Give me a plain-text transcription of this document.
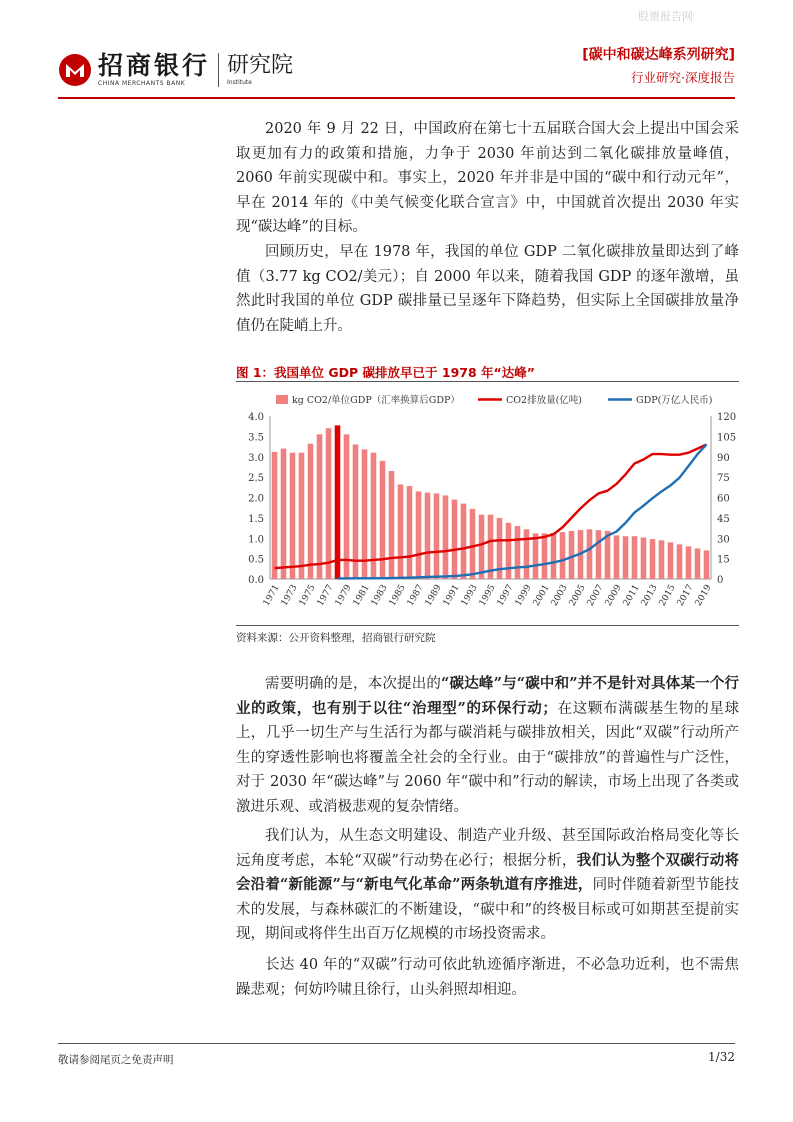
股票报告网
招商银行
CHINA MERCHANTS BANK
研究院
Institute
[碳中和碳达峰系列研究]
行业研究·深度报告
2020 年 9 月 22 日，中国政府在第七十五届联合国大会上提出中国会采取更加有力的政策和措施，力争于 2030 年前达到二氧化碳排放量峰值，2060 年前实现碳中和。事实上，2020 年并非是中国的“碳中和行动元年”，早在 2014 年的《中美气候变化联合宣言》中，中国就首次提出 2030 年实现“碳达峰”的目标。
回顾历史，早在 1978 年，我国的单位 GDP 二氧化碳排放量即达到了峰值（3.77 kg CO2/美元）；自 2000 年以来，随着我国 GDP 的逐年激增，虽然此时我国的单位 GDP 碳排量已呈逐年下降趋势，但实际上全国碳排放量净值仍在陡峭上升。
图 1：我国单位 GDP 碳排放早已于 1978 年“达峰”
0.0
0.5
1.0
1.5
2.0
2.5
3.0
3.5
4.0
0
15
30
45
60
75
90
105
120
1971
1973
1975
1977
1979
1981
1983
1985
1987
1989
1991
1993
1995
1997
1999
2001
2003
2005
2007
2009
2011
2013
2015
2017
2019
kg CO2/单位GDP（汇率换算后GDP）	CO2排放量(亿吨)	GDP(万亿人民币)
资料来源：公开资料整理，招商银行研究院
需要明确的是，本次提出的“碳达峰”与“碳中和”并不是针对具体某一个行业的政策，也有别于以往“治理型”的环保行动；在这颗布满碳基生物的星球上，几乎一切生产与生活行为都与碳消耗与碳排放相关，因此“双碳”行动所产生的穿透性影响也将覆盖全社会的全行业。由于“碳排放”的普遍性与广泛性，对于 2030 年“碳达峰”与 2060 年“碳中和”行动的解读，市场上出现了各类或激进乐观、或消极悲观的复杂情绪。
我们认为，从生态文明建设、制造产业升级、甚至国际政治格局变化等长远角度考虑，本轮“双碳”行动势在必行；根据分析，我们认为整个双碳行动将会沿着“新能源”与“新电气化革命”两条轨道有序推进，同时伴随着新型节能技术的发展，与森林碳汇的不断建设，“碳中和”的终极目标或可如期甚至提前实现，期间或将伴生出百万亿规模的市场投资需求。
长达 40 年的“双碳”行动可依此轨迹循序渐进，不必急功近利，也不需焦躁悲观；何妨吟啸且徐行，山头斜照却相迎。
敬请参阅尾页之免责声明	1/32
